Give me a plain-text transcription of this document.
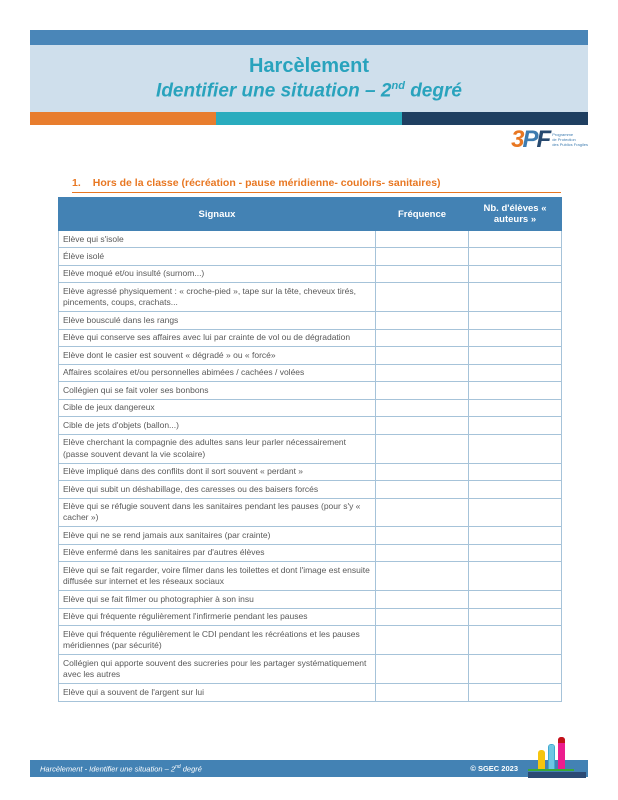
Harcèlement
Identifier une situation – 2nd degré
3PF Programme
de Protection
des Publics Fragiles
1. Hors de la classe (récréation - pause méridienne- couloirs- sanitaires)
Signaux	Fréquence	Nb. d'élèves « auteurs »
Elève qui s'isole		
Élève isolé		
Elève moqué et/ou insulté (surnom...)		
Elève agressé physiquement : « croche-pied », tape sur la tête, cheveux tirés, pincements, coups, crachats...		
Elève bousculé dans les rangs		
Elève qui conserve ses affaires avec lui par crainte de vol ou de dégradation		
Elève dont le casier est souvent « dégradé » ou « forcé»		
Affaires scolaires et/ou personnelles abimées / cachées / volées		
Collégien qui se fait voler ses bonbons		
Cible de jeux dangereux		
Cible de jets d'objets (ballon...)		
Elève cherchant la compagnie des adultes sans leur parler nécessairement (passe souvent devant la vie scolaire)		
Elève impliqué dans des conflits dont il sort souvent « perdant »		
Elève qui subit un déshabillage, des caresses ou des baisers forcés		
Elève qui se réfugie souvent dans les sanitaires pendant les pauses (pour s'y « cacher »)		
Elève qui ne se rend jamais aux sanitaires (par crainte)		
Elève enfermé dans les sanitaires par d'autres élèves		
Elève qui se fait regarder, voire filmer dans les toilettes et dont l'image est ensuite diffusée sur internet et les réseaux sociaux		
Elève qui se fait filmer ou photographier à son insu		
Elève qui fréquente régulièrement l'infirmerie pendant les pauses		
Elève qui fréquente régulièrement le CDI pendant les récréations et les pauses méridiennes (par sécurité)		
Collégien qui apporte souvent des sucreries pour les partager systématiquement avec les autres		
Elève qui a souvent de l'argent sur lui		
Harcèlement - Identifier une situation – 2nd degré	© SGEC 2023
